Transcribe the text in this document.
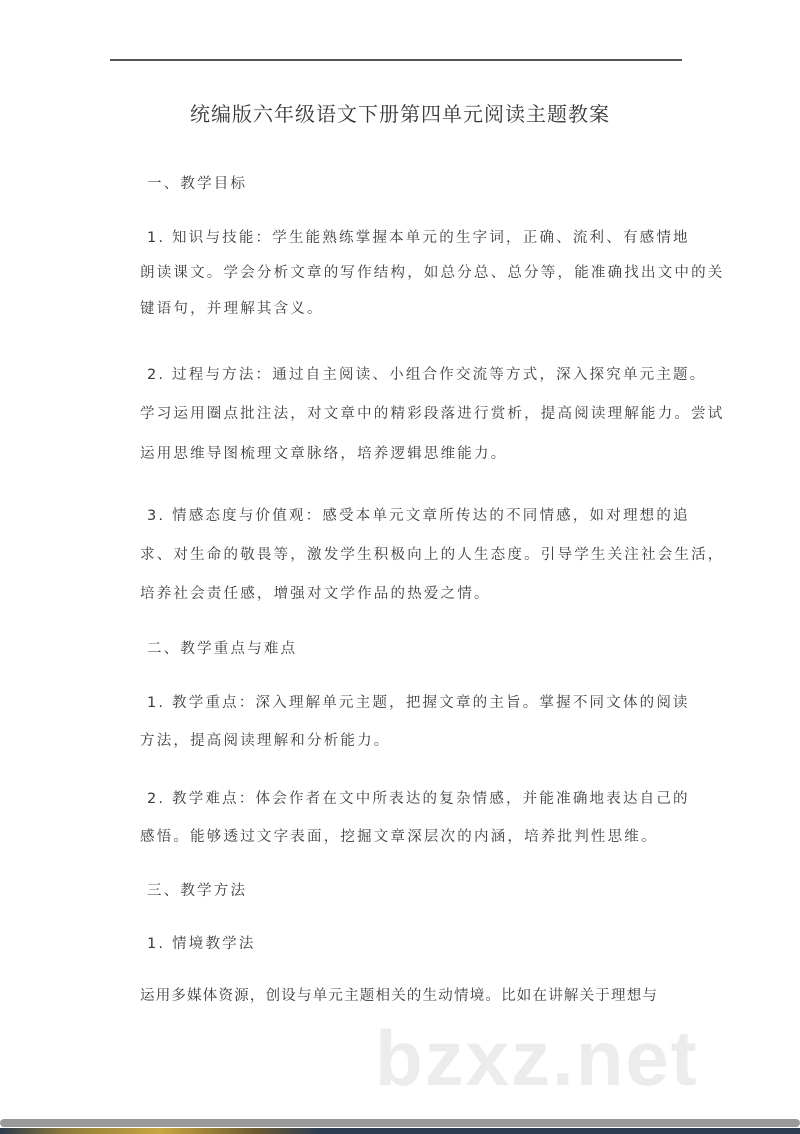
统编版六年级语文下册第四单元阅读主题教案
一、教学目标
1. 知识与技能：学生能熟练掌握本单元的生字词，正确、流利、有感情地
朗读课文。学会分析文章的写作结构，如总分总、总分等，能准确找出文中的关
键语句，并理解其含义。
2. 过程与方法：通过自主阅读、小组合作交流等方式，深入探究单元主题。
学习运用圈点批注法，对文章中的精彩段落进行赏析，提高阅读理解能力。尝试
运用思维导图梳理文章脉络，培养逻辑思维能力。
3. 情感态度与价值观：感受本单元文章所传达的不同情感，如对理想的追
求、对生命的敬畏等，激发学生积极向上的人生态度。引导学生关注社会生活，
培养社会责任感，增强对文学作品的热爱之情。
二、教学重点与难点
1. 教学重点：深入理解单元主题，把握文章的主旨。掌握不同文体的阅读
方法，提高阅读理解和分析能力。
2. 教学难点：体会作者在文中所表达的复杂情感，并能准确地表达自己的
感悟。能够透过文字表面，挖掘文章深层次的内涵，培养批判性思维。
三、教学方法
1. 情境教学法
运用多媒体资源，创设与单元主题相关的生动情境。比如在讲解关于理想与
bzxz.net
